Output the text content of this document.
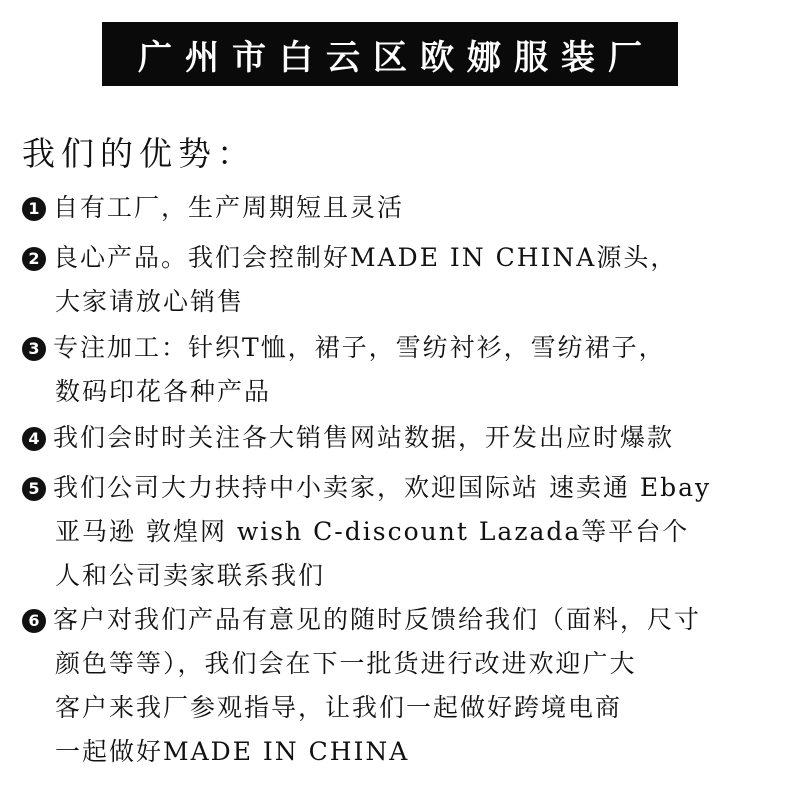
广州市白云区欧娜服装厂
我们的优势：
1 自有工厂，生产周期短且灵活
2 良心产品。我们会控制好MADE IN CHINA源头，
大家请放心销售
3 专注加工：针织T恤，裙子，雪纺衬衫，雪纺裙子，
数码印花各种产品
4 我们会时时关注各大销售网站数据，开发出应时爆款
5 我们公司大力扶持中小卖家，欢迎国际站 速卖通 Ebay
亚马逊 敦煌网 wish C-discount Lazada等平台个
人和公司卖家联系我们
6 客户对我们产品有意见的随时反馈给我们（面料，尺寸
颜色等等），我们会在下一批货进行改进欢迎广大
客户来我厂参观指导，让我们一起做好跨境电商
一起做好MADE IN CHINA
